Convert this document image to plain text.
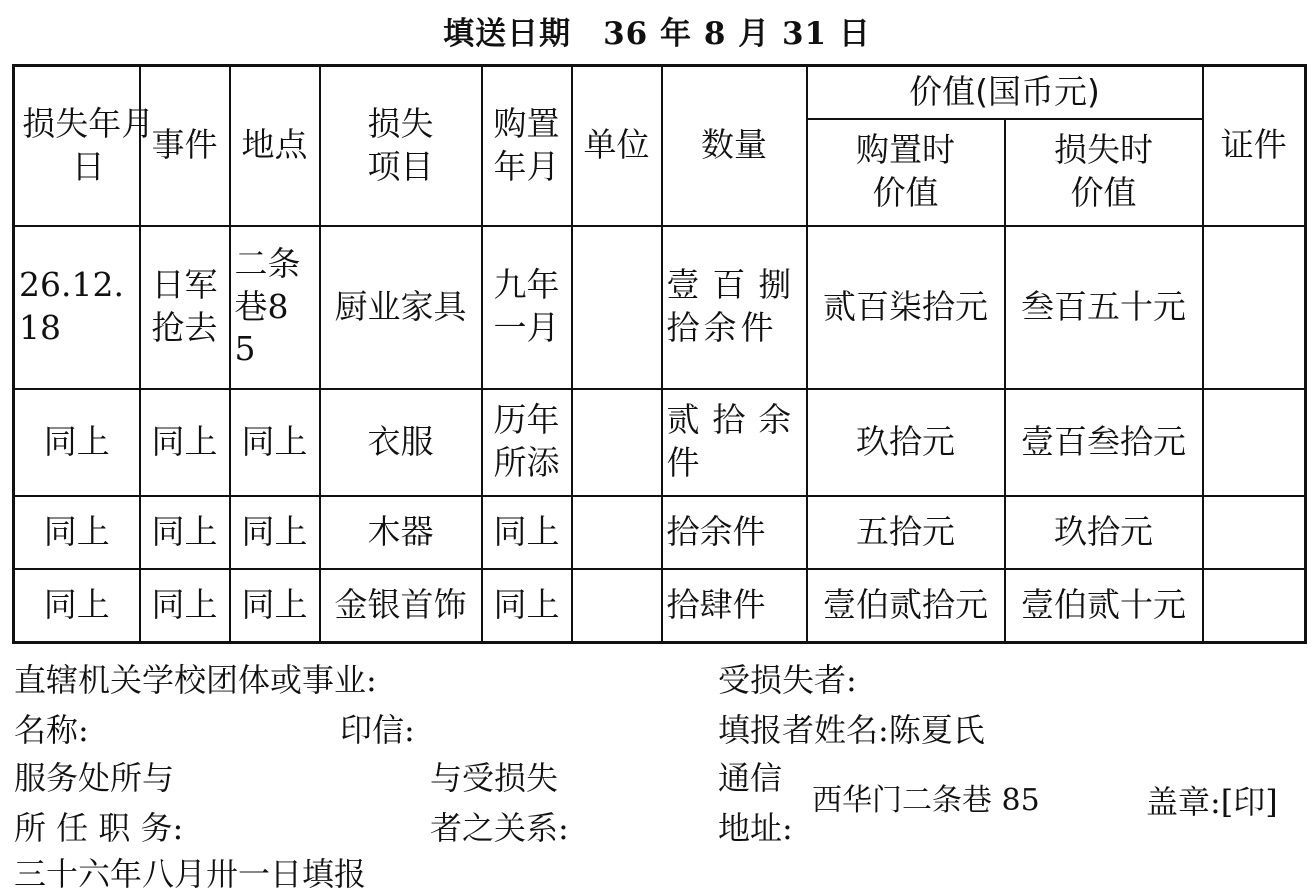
填送日期　36 年 8 月 31 日
损失年月日	事件	地点	损失项目	购置年月	单位	数量	价值(国币元)		证件

							购置时价值	损失时价值	

26.12.18	日军抢去	二条巷85	厨业家具	九年一月		壹百捌拾余件	贰百柒拾元	叁百五十元	
同上	同上	同上	衣服	历年所添		贰拾余件	玖拾元	壹百叁拾元	
同上	同上	同上	木器	同上		拾余件	五拾元	玖拾元	
同上	同上	同上	金银首饰	同上		拾肆件	壹伯贰拾元	壹伯贰十元	
直辖机关学校团体或事业:
名称:	印信:
服务处所与
所 任 职 务:
与受损失
者之关系:
三十六年八月卅一日填报
受损失者:
填报者姓名:陈夏氏
通信
地址:
西华门二条巷 85	盖章:[印]
